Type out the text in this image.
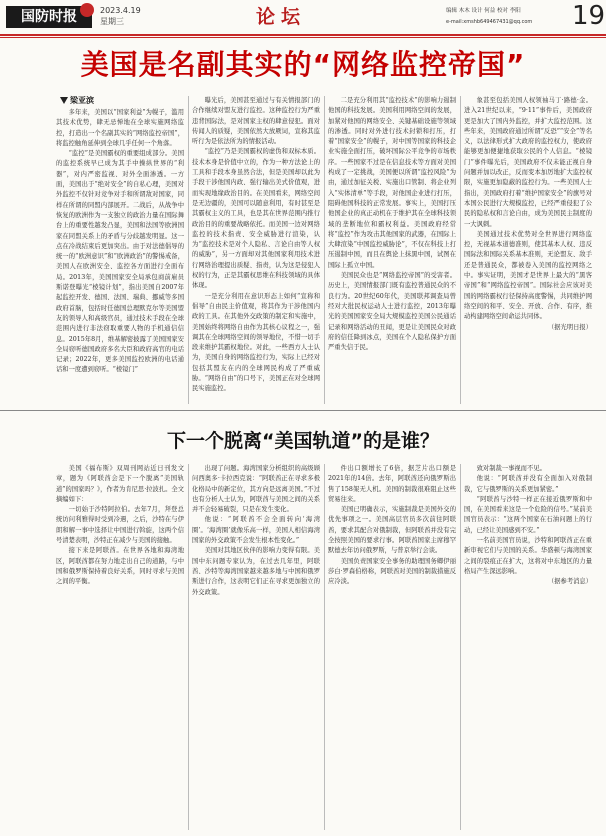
国防时报	2023.4.19
星期三	论坛	编辑 木木 设计 何益 校对 李阳
e-mail:xmshb649467431@qq.com	19
美国是名副其实的“网络监控帝国”
梁亚滨

多年来，美国以“国家利益”为幌子，滥用其技术优势，肆无忌惮地在全球实施网络监控，打造出一个名副其实的“网络监控帝国”，将监控触角延伸到全球几乎任何一个角落。

“监控”是美国霸权的重要组成部分。美国的监控系统早已成为其手中操纵世界的“利器”，对内严密监视、对外全面渗透。一方面，美国出于“绝对安全”的自私心理，美国对外监控不仅针对竞争对手和所谓敌对国家，同样在所谓的同盟内部展开。二战后，从战争中恢复的欧洲作为一支独立的政治力量在国际舞台上的重要性越发凸显，美国和法国等欧洲国家在同盟关系上的矛盾与分歧越发明显。这一点在冷战结束后更加突出。由于对法德倡导的统一的“欧洲意识”和“欧洲政治”的警惕戒备，美国人在欧洲安全、监控各方面进行全面布局。2013年，美国国家安全局承包商前雇员斯诺登曝光“棱镜计划”，指出美国自2007年起监控开发、德国、法国、瑞典、挪威等多国政府首脑，包括时任德国总理默克尔等美国盟友的领导人和高级官员，通过技术手段在全球范围内进行非法窃取重要人物的手机通信信息。2015年8月，维基解密披露了美国国家安全局窃听德国政府多名大臣和政府高官的电话记录；2022年，更多美国监控欧洲的电话通话和一度遭到窃听。“棱镜门”

曝光后，美国甚至通过与有关情报部门的合作继续对盟友进行监控。这种监控行为严重违背国际法，是对国家主权的肆意侵犯。面对传闻人的质疑，美国依然大放厥词，宣称其监听行为是依法所为的情报活动。

“监控”乃是美国霸权的虚伪和双标本质。技术本身是价值中立的，作为一种方法论上的工具和手段本身虽然合法，但是美国却以此为手段干涉他国内政、强行输出美式价值观，进而实现地缘政治目的。在美国看来，网络空间是无边疆的，美国可以随意利用，有时甚至是其霸权主义的工具，也是其在世界范围内推行政治目的的重要战略依托。而美国一边对网络监控的技术指责、安全威胁进行渲染，认为“监控技术是对个人隐私、言论自由等人权的威胁”，另一方面却对其他国家利用技术进行网络治理提出质疑、指责，认为这是侵犯人权的行为，正是其霸权思维在科技领域的具体体现。

一是充分利用在意识形态上如何“宣称和倡导”自由民主价值观，将其作为干涉他国内政的工具。在其他外交政策的制定和实施中，美国始终将网络自由作为其核心议程之一，强调其在全球网络空间的领导地位，不惜一切手段来维护其霸权地位。对此，一些西方人士认为，美国自身的网络监控行为，实际上已经对包括其盟友在内的全球网民构成了严重威胁。“网络自由”的口号下，美国正在对全球网民实施监控。

二是充分利用其“监控技术”的影响力遏制他国的科技发展。美国利用网络空间的发展，加紧对他国的网络安全、关键基础设施等领域的渗透。同时对外进行技术封锁和打压，打着“国家安全”的幌子，对中国等国家的科技企业实施全面打压，破坏国际公平竞争的市场秩序。一些国家不过是在信息技术等方面对美国构成了一定挑战，美国便以所谓“监控风险”为由，通过加征关税、实施出口管制、将企业列入“实体清单”等手段，对他国企业进行打压，阻碍他国科技的正常发展。事实上，美国打压他国企业的真正动机在于维护其在全球科技领域的垄断地位和霸权利益。美国政府经常将“监控”作为攻击其他国家的武器，在国际上大肆渲染“中国监控威胁论”，不仅在科技上打压遏制中国，而且在舆论上抹黑中国，试图在国际上孤立中国。

美国民众也是“网络监控帝国”的受害者。历史上，美国情报部门既有监控普通民众的不良行为。20世纪60年代，美国联邦调查局曾经对大批民权运动人士进行监控，2013年曝光的美国国家安全局大规模监控美国公民通话记录和网络活动的丑闻，更是让美国民众对政府的信任降到冰点，美国在个人隐私保护方面严重失信于民。

象甚至包括美国人权领袖马丁·路德·金。进入21世纪以来，“9·11”事件后，美国政府更是加大了国内外监控，并扩大监控范围。这些年来，美国政府通过所谓“反恐”“安全”等名义，以法律形式扩大政府的监控权力，使政府能够更加便捷地获取公民的个人信息。“棱镜门”事件曝光后，美国政府不仅未能正视自身问题并加以改正，反而变本加厉地扩大监控权限，实施更加隐蔽的监控行为。一些美国人士指出，美国政府打着“维护国家安全”的旗号对本国公民进行大规模监控，已经严重侵犯了公民的隐私权和言论自由，成为美国民主制度的一大讽刺。

美国通过技术优势对全世界进行网络监控，无视基本道德准则，使其基本人权、违反国际法和国际关系基本准则，无论盟友、敌手还是普通民众，都被卷入美国的监控网络之中。事实证明，美国才是世界上最大的“黑客帝国”和“网络监控帝国”。国际社会应该对美国的网络霸权行径保持高度警惕，共同维护网络空间的和平、安全、开放、合作、有序，推动构建网络空间命运共同体。

（据光明日报）

下一个脱离“美国轨道”的是谁？

美国《福布斯》双周刊网站近日刊发文章，题为《阿联酋会是下一个脱离“美国轨道”的国家吗？》，作者为肯尼思·拉波扎。全文摘编如下：

一切始于沙特阿拉伯。去年7月，拜登总统访问利雅得时受到冷遇，之后，沙特在与伊朗和解一事中选择让中国进行斡旋，这两个信号清楚表明，沙特正在减少与美国的接触。

接下来是阿联酋。在世界各地和海湾地区，阿联酋都在努力地走出自己的道路，与中国和俄罗斯保持着良好关系，同时寻求与美国之间的平衡。

出现了问题。海湾国家分析组织的高级顾问西奥多·卡拉西克说：“阿联酋正在寻求多极化格局中的新定位，其方向是远离美国。”不过也有分析人士认为，阿联酋与美国之间的关系并不会轻易破裂，只是在发生变化。

他说：“阿联酋不会全面转向‘海湾圈’。‘海湾圈’就像乐高一样，美国人相信海湾国家的外交政策不会发生根本性变化。”

美国对其地区伙伴的影响力变得有限。美国中东问题专家认为，在过去几年里，阿联酋、沙特等海湾国家越来越多地与中国和俄罗斯进行合作，这表明它们正在寻求更加独立的外交政策。

件出口额增长了6倍，据芝片出口额是2021年的14倍。去年，阿联酋还向俄罗斯出售了158架无人机。美国的制裁很难阻止这些贸易往来。

美国已明确表示，实施制裁是美国外交的优先事项之一。美国高层官员多次前往阿联酋，要求其配合对俄制裁，但阿联酋并没有完全按照美国的要求行事。阿联酋国家主席穆罕默德去年访问俄罗斯，与普京举行会谈。

美国负责国家安全事务的助理国务卿伊丽莎白·罗森伯格称，阿联酋对美国的制裁措施反应冷淡。

致对制裁一事视而不见。

他说：“阿联酋并没有全面加入对俄制裁，它与俄罗斯的关系更加紧密。”

“阿联酋与沙特一样正在接近俄罗斯和中国，在美国看来这是一个危险的信号。”某前美国官员表示：“这两个国家在石油问题上的行动，已经让美国感到不安。”

一名前美国官员说，沙特和阿联酋正在重新审视它们与美国的关系。华盛顿与海湾国家之间的裂痕正在扩大，这将对中东地区的力量格局产生深远影响。

（据参考消息）
